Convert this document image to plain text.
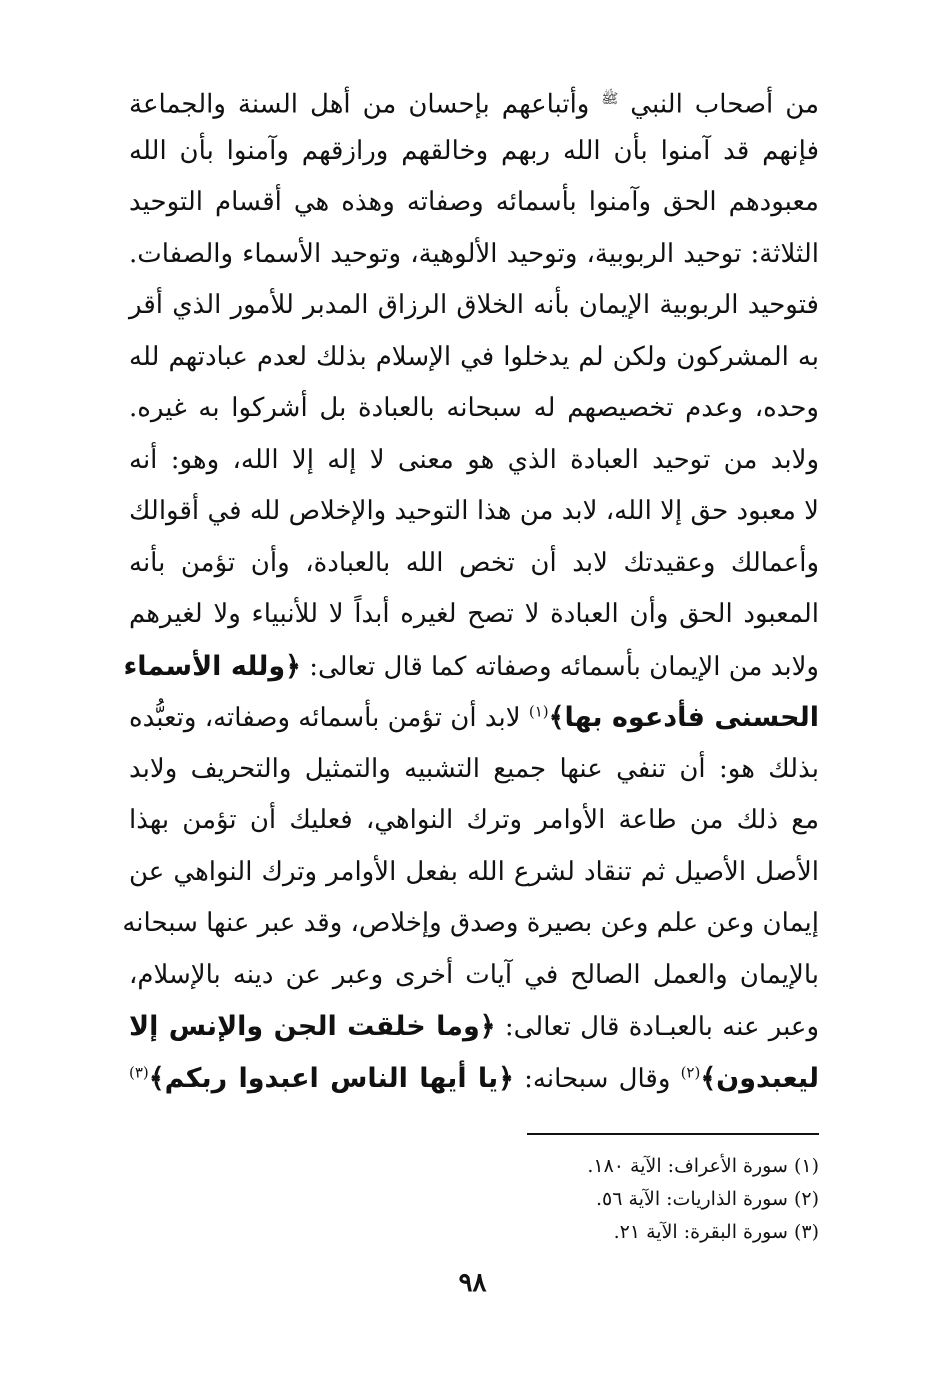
من أصحاب النبي $^ﷺ$ وأتباعهم بإحسان من أهل السنة والجماعة
فإنهم قد آمنوا بأن الله ربهم وخالقهم ورازقهم وآمنوا بأن الله
معبودهم الحق وآمنوا بأسمائه وصفاته وهذه هي أقسام التوحيد
الثلاثة: توحيد الربوبية، وتوحيد الألوهية، وتوحيد الأسماء والصفات.
فتوحيد الربوبية الإيمان بأنه الخلاق الرزاق المدبر للأمور الذي أقر
به المشركون ولكن لم يدخلوا في الإسلام بذلك لعدم عبادتهم لله
وحده، وعدم تخصيصهم له سبحانه بالعبادة بل أشركوا به غيره.
ولابد من توحيد العبادة الذي هو معنى لا إله إلا الله، وهو: أنه
لا معبود حق إلا الله، لابد من هذا التوحيد والإخلاص لله في أقوالك
وأعمالك وعقيدتك لابد أن تخص الله بالعبادة، وأن تؤمن بأنه
المعبود الحق وأن العبادة لا تصح لغيره أبداً لا للأنبياء ولا لغيرهم
ولابد من الإيمان بأسمائه وصفاته كما قال تعالى: ﴿ولله الأسماء
الحسنى فأدعوه بها﴾$^{(١)}$ لابد أن تؤمن بأسمائه وصفاته، وتعبُّده
بذلك هو: أن تنفي عنها جميع التشبيه والتمثيل والتحريف ولابد
مع ذلك من طاعة الأوامر وترك النواهي، فعليك أن تؤمن بهذا
الأصل الأصيل ثم تنقاد لشرع الله بفعل الأوامر وترك النواهي عن
إيمان وعن علم وعن بصيرة وصدق وإخلاص، وقد عبر عنها سبحانه
بالإيمان والعمل الصالح في آيات أخرى وعبر عن دينه بالإسلام،
وعبر عنه بالعبـادة قال تعالى: ﴿وما خلقت الجن والإنس إلا
ليعبدون﴾$^{(٢)}$ وقال سبحانه: ﴿يا أيها الناس اعبدوا ربكم﴾$^{(٣)}$
(١) سورة الأعراف: الآية ١٨٠.
(٢) سورة الذاريات: الآية ٥٦.
(٣) سورة البقرة: الآية ٢١.
٩٨
